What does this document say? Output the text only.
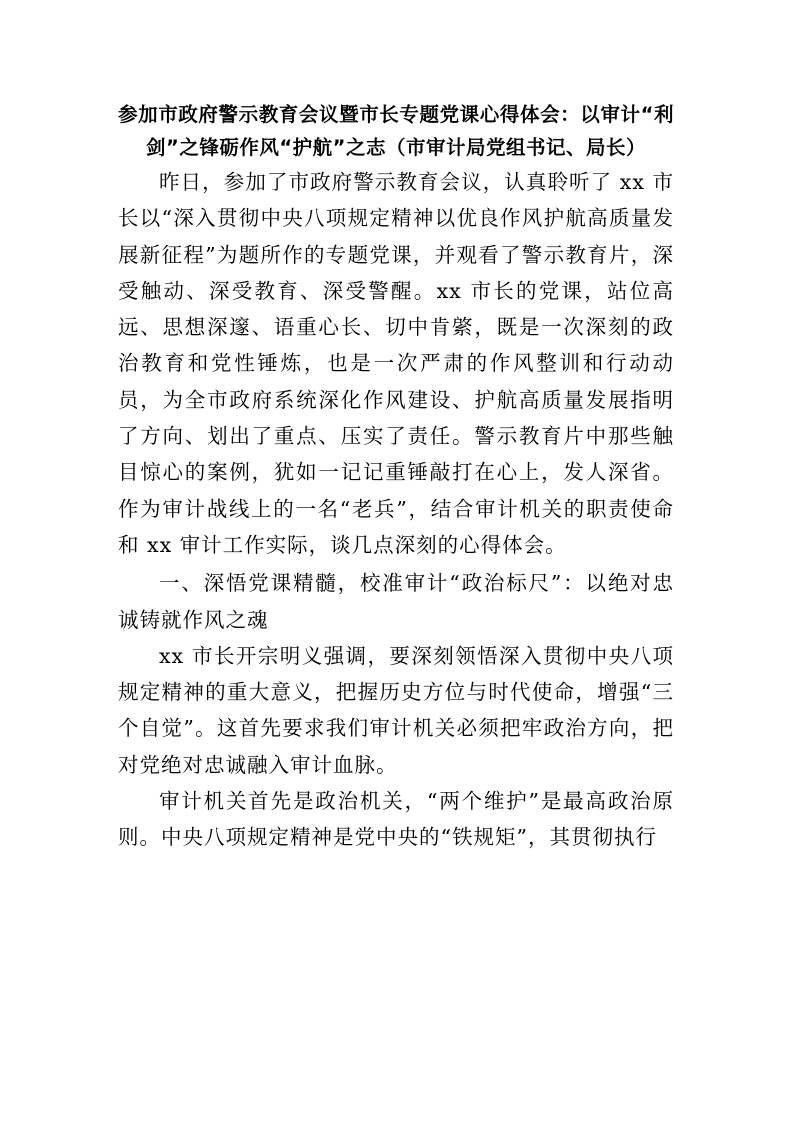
参加市政府警示教育会议暨市长专题党课心得体会：以审计“利剑”之锋砺作风“护航”之志（市审计局党组书记、局长）

昨日，参加了市政府警示教育会议，认真聆听了 xx 市长以“深入贯彻中央八项规定精神以优良作风护航高质量发展新征程”为题所作的专题党课，并观看了警示教育片，深受触动、深受教育、深受警醒。xx 市长的党课，站位高远、思想深邃、语重心长、切中肯綮，既是一次深刻的政治教育和党性锤炼，也是一次严肃的作风整训和行动动员，为全市政府系统深化作风建设、护航高质量发展指明了方向、划出了重点、压实了责任。警示教育片中那些触目惊心的案例，犹如一记记重锤敲打在心上，发人深省。作为审计战线上的一名“老兵”，结合审计机关的职责使命和 xx 审计工作实际，谈几点深刻的心得体会。

一、深悟党课精髓，校准审计“政治标尺”：以绝对忠诚铸就作风之魂

xx 市长开宗明义强调，要深刻领悟深入贯彻中央八项规定精神的重大意义，把握历史方位与时代使命，增强“三个自觉”。这首先要求我们审计机关必须把牢政治方向，把对党绝对忠诚融入审计血脉。

审计机关首先是政治机关，“两个维护”是最高政治原则。中央八项规定精神是党中央的“铁规矩”，其贯彻执行
